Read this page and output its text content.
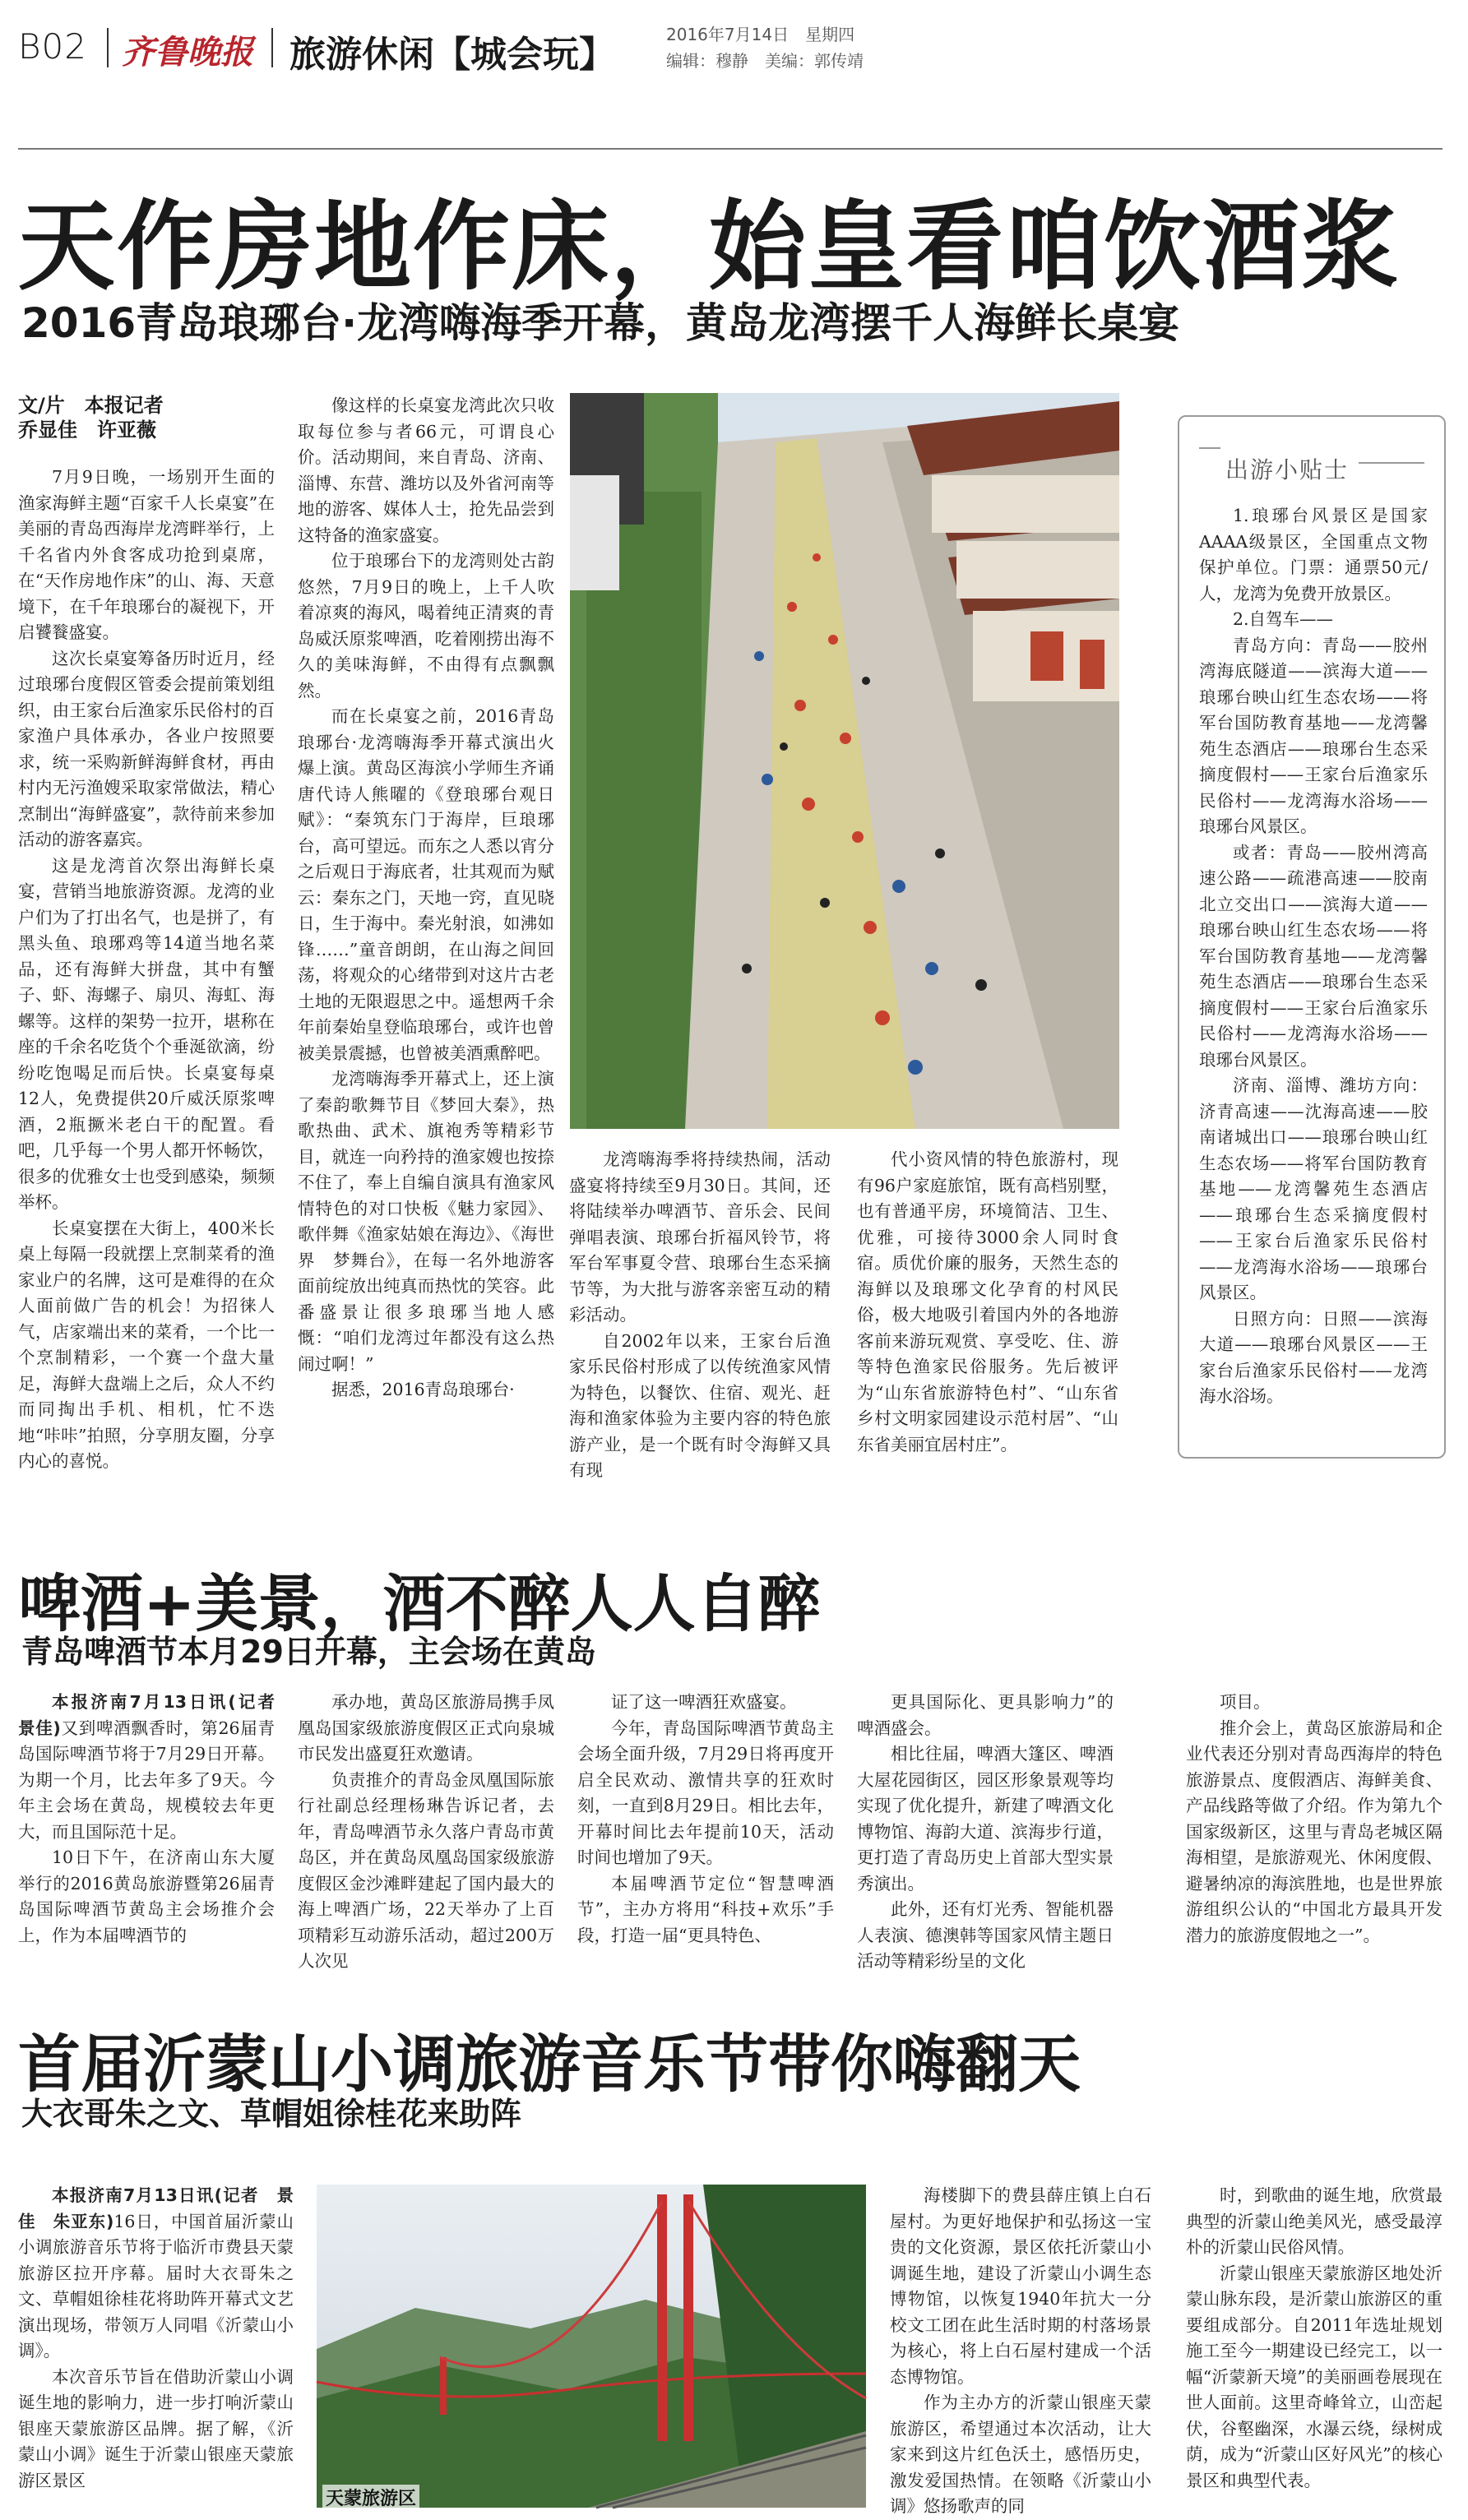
B02 齐鲁晚报 旅游休闲【城会玩】	2016年7月14日　星期四
编辑：穆静　美编：郭传靖
天作房地作床，始皇看咱饮酒浆
2016青岛琅琊台·龙湾嗨海季开幕，黄岛龙湾摆千人海鲜长桌宴
文/片　本报记者
乔显佳　许亚薇
7月9日晚，一场别开生面的渔家海鲜主题“百家千人长桌宴”在美丽的青岛西海岸龙湾畔举行，上千名省内外食客成功抢到桌席，在“天作房地作床”的山、海、天意境下，在千年琅琊台的凝视下，开启饕餮盛宴。
这次长桌宴筹备历时近月，经过琅琊台度假区管委会提前策划组织，由王家台后渔家乐民俗村的百家渔户具体承办，各业户按照要求，统一采购新鲜海鲜食材，再由村内无污渔嫂采取家常做法，精心烹制出“海鲜盛宴”，款待前来参加活动的游客嘉宾。
这是龙湾首次祭出海鲜长桌宴，营销当地旅游资源。龙湾的业户们为了打出名气，也是拼了，有黑头鱼、琅琊鸡等14道当地名菜品，还有海鲜大拼盘，其中有蟹子、虾、海螺子、扇贝、海虹、海螺等。这样的架势一拉开，堪称在座的千余名吃货个个垂涎欲滴，纷纷吃饱喝足而后快。长桌宴每桌12人，免费提供20斤威沃原浆啤酒，2瓶撅米老白干的配置。看吧，几乎每一个男人都开怀畅饮，很多的优雅女士也受到感染，频频举杯。
长桌宴摆在大街上，400米长桌上每隔一段就摆上烹制菜肴的渔家业户的名牌，这可是难得的在众人面前做广告的机会！为招徕人气，店家端出来的菜肴，一个比一个烹制精彩，一个赛一个盘大量足，海鲜大盘端上之后，众人不约而同掏出手机、相机，忙不迭地“咔咔”拍照，分享朋友圈，分享内心的喜悦。
像这样的长桌宴龙湾此次只收取每位参与者66元，可谓良心价。活动期间，来自青岛、济南、淄博、东营、潍坊以及外省河南等地的游客、媒体人士，抢先品尝到这特备的渔家盛宴。
位于琅琊台下的龙湾则处古韵悠然，7月9日的晚上，上千人吹着凉爽的海风，喝着纯正清爽的青岛威沃原浆啤酒，吃着刚捞出海不久的美味海鲜，不由得有点飘飘然。
而在长桌宴之前，2016青岛琅琊台·龙湾嗨海季开幕式演出火爆上演。黄岛区海滨小学师生齐诵唐代诗人熊曜的《登琅琊台观日赋》：“秦筑东门于海岸，巨琅琊台，高可望远。而东之人悉以宵分之后观日于海底者，壮其观而为赋云：秦东之门，天地一窍，直见晓日，生于海中。秦光射浪，如沸如锋……”童音朗朗，在山海之间回荡，将观众的心绪带到对这片古老土地的无限遐思之中。遥想两千余年前秦始皇登临琅琊台，或许也曾被美景震撼，也曾被美酒熏醉吧。
龙湾嗨海季开幕式上，还上演了秦韵歌舞节目《梦回大秦》，热歌热曲、武术、旗袍秀等精彩节目，就连一向矜持的渔家嫂也按捺不住了，奉上自编自演具有渔家风情特色的对口快板《魅力家园》、歌伴舞《渔家姑娘在海边》、《海世界　梦舞台》，在每一名外地游客面前绽放出纯真而热忱的笑容。此番盛景让很多琅琊当地人感慨：“咱们龙湾过年都没有这么热闹过啊！”
据悉，2016青岛琅琊台·
龙湾嗨海季将持续热闹，活动盛宴将持续至9月30日。其间，还将陆续举办啤酒节、音乐会、民间弹唱表演、琅琊台折福风铃节，将军台军事夏令营、琅琊台生态采摘节等，为大批与游客亲密互动的精彩活动。
自2002年以来，王家台后渔家乐民俗村形成了以传统渔家风情为特色，以餐饮、住宿、观光、赶海和渔家体验为主要内容的特色旅游产业，是一个既有时令海鲜又具有现
代小资风情的特色旅游村，现有96户家庭旅馆，既有高档别墅，也有普通平房，环境简洁、卫生、优雅，可接待3000余人同时食宿。质优价廉的服务，天然生态的海鲜以及琅琊文化孕育的村风民俗，极大地吸引着国内外的各地游客前来游玩观赏、享受吃、住、游等特色渔家民俗服务。先后被评为“山东省旅游特色村”、“山东省乡村文明家园建设示范村居”、“山东省美丽宜居村庄”。
出游小贴士
1.琅琊台风景区是国家AAAA级景区，全国重点文物保护单位。门票：通票50元/人，龙湾为免费开放景区。
2.自驾车——
青岛方向：青岛——胶州湾海底隧道——滨海大道——琅琊台映山红生态农场——将军台国防教育基地——龙湾馨苑生态酒店——琅琊台生态采摘度假村——王家台后渔家乐民俗村——龙湾海水浴场——琅琊台风景区。
或者：青岛——胶州湾高速公路——疏港高速——胶南北立交出口——滨海大道——琅琊台映山红生态农场——将军台国防教育基地——龙湾馨苑生态酒店——琅琊台生态采摘度假村——王家台后渔家乐民俗村——龙湾海水浴场——琅琊台风景区。
济南、淄博、潍坊方向：济青高速——沈海高速——胶南诸城出口——琅琊台映山红生态农场——将军台国防教育基地——龙湾馨苑生态酒店——琅琊台生态采摘度假村——王家台后渔家乐民俗村——龙湾海水浴场——琅琊台风景区。
日照方向：日照——滨海大道——琅琊台风景区——王家台后渔家乐民俗村——龙湾海水浴场。
啤酒+美景，酒不醉人人自醉
青岛啤酒节本月29日开幕，主会场在黄岛
本报济南7月13日讯(记者　景佳)又到啤酒飘香时，第26届青岛国际啤酒节将于7月29日开幕。为期一个月，比去年多了9天。今年主会场在黄岛，规模较去年更大，而且国际范十足。
10日下午，在济南山东大厦举行的2016黄岛旅游暨第26届青岛国际啤酒节黄岛主会场推介会上，作为本届啤酒节的
承办地，黄岛区旅游局携手凤凰岛国家级旅游度假区正式向泉城市民发出盛夏狂欢邀请。
负责推介的青岛金凤凰国际旅行社副总经理杨琳告诉记者，去年，青岛啤酒节永久落户青岛市黄岛区，并在黄岛凤凰岛国家级旅游度假区金沙滩畔建起了国内最大的海上啤酒广场，22天举办了上百项精彩互动游乐活动，超过200万人次见
证了这一啤酒狂欢盛宴。
今年，青岛国际啤酒节黄岛主会场全面升级，7月29日将再度开启全民欢动、激情共享的狂欢时刻，一直到8月29日。相比去年，开幕时间比去年提前10天，活动时间也增加了9天。
本届啤酒节定位“智慧啤酒节”，主办方将用“科技+欢乐”手段，打造一届“更具特色、
更具国际化、更具影响力”的啤酒盛会。
相比往届，啤酒大篷区、啤酒大屋花园街区，园区形象景观等均实现了优化提升，新建了啤酒文化博物馆、海韵大道、滨海步行道，更打造了青岛历史上首部大型实景秀演出。
此外，还有灯光秀、智能机器人表演、德澳韩等国家风情主题日活动等精彩纷呈的文化
项目。
推介会上，黄岛区旅游局和企业代表还分别对青岛西海岸的特色旅游景点、度假酒店、海鲜美食、产品线路等做了介绍。作为第九个国家级新区，这里与青岛老城区隔海相望，是旅游观光、休闲度假、避暑纳凉的海滨胜地，也是世界旅游组织公认的“中国北方最具开发潜力的旅游度假地之一”。
首届沂蒙山小调旅游音乐节带你嗨翻天
大衣哥朱之文、草帽姐徐桂花来助阵
本报济南7月13日讯(记者　景佳　朱亚东)16日，中国首届沂蒙山小调旅游音乐节将于临沂市费县天蒙旅游区拉开序幕。届时大衣哥朱之文、草帽姐徐桂花将助阵开幕式文艺演出现场，带领万人同唱《沂蒙山小调》。
本次音乐节旨在借助沂蒙山小调诞生地的影响力，进一步打响沂蒙山银座天蒙旅游区品牌。据了解，《沂蒙山小调》诞生于沂蒙山银座天蒙旅游区景区
天蒙旅游区
海楼脚下的费县薛庄镇上白石屋村。为更好地保护和弘扬这一宝贵的文化资源，景区依托沂蒙山小调诞生地，建设了沂蒙山小调生态博物馆，以恢复1940年抗大一分校文工团在此生活时期的村落场景为核心，将上白石屋村建成一个活态博物馆。
作为主办方的沂蒙山银座天蒙旅游区，希望通过本次活动，让大家来到这片红色沃土，感悟历史，激发爱国热情。在领略《沂蒙山小调》悠扬歌声的同
时，到歌曲的诞生地，欣赏最典型的沂蒙山绝美风光，感受最淳朴的沂蒙山民俗风情。
沂蒙山银座天蒙旅游区地处沂蒙山脉东段，是沂蒙山旅游区的重要组成部分。自2011年选址规划施工至今一期建设已经完工，以一幅“沂蒙新天境”的美丽画卷展现在世人面前。这里奇峰耸立，山峦起伏，谷壑幽深，水瀑云绕，绿树成荫，成为“沂蒙山区好风光”的核心景区和典型代表。
